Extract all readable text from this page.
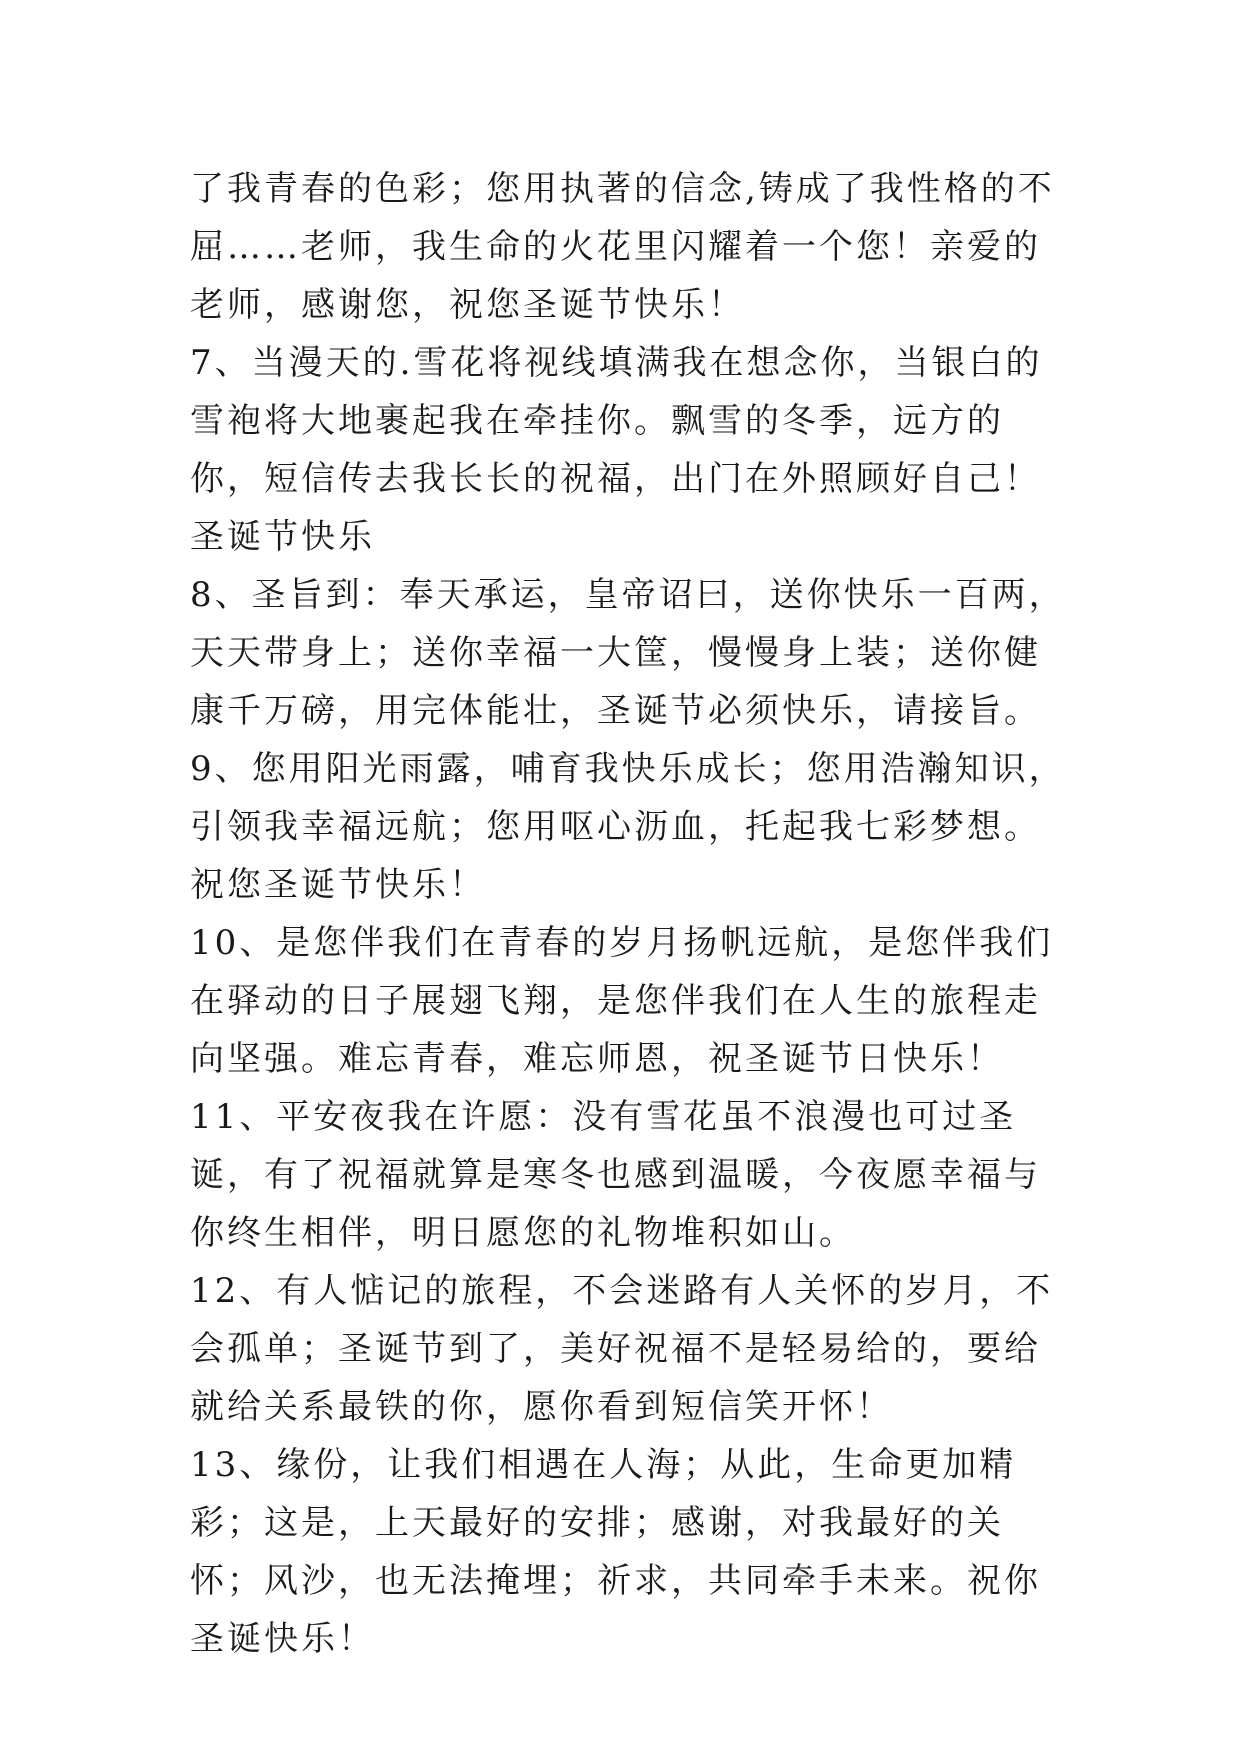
了我青春的色彩；您用执著的信念,铸成了我性格的不屈……老师，我生命的火花里闪耀着一个您！亲爱的老师，感谢您，祝您圣诞节快乐！

7、当漫天的.雪花将视线填满我在想念你，当银白的雪袍将大地裹起我在牵挂你。飘雪的冬季，远方的你，短信传去我长长的祝福，出门在外照顾好自己！圣诞节快乐

8、圣旨到：奉天承运，皇帝诏曰，送你快乐一百两，天天带身上；送你幸福一大筐，慢慢身上装；送你健康千万磅，用完体能壮，圣诞节必须快乐，请接旨。

9、您用阳光雨露，哺育我快乐成长；您用浩瀚知识，引领我幸福远航；您用呕心沥血，托起我七彩梦想。祝您圣诞节快乐！

10、是您伴我们在青春的岁月扬帆远航，是您伴我们在驿动的日子展翅飞翔，是您伴我们在人生的旅程走向坚强。难忘青春，难忘师恩，祝圣诞节日快乐！

11、平安夜我在许愿：没有雪花虽不浪漫也可过圣诞，有了祝福就算是寒冬也感到温暖，今夜愿幸福与你终生相伴，明日愿您的礼物堆积如山。

12、有人惦记的旅程，不会迷路有人关怀的岁月，不会孤单；圣诞节到了，美好祝福不是轻易给的，要给就给关系最铁的你，愿你看到短信笑开怀！

13、缘份，让我们相遇在人海；从此，生命更加精彩；这是，上天最好的安排；感谢，对我最好的关怀；风沙，也无法掩埋；祈求，共同牵手未来。祝你圣诞快乐！
